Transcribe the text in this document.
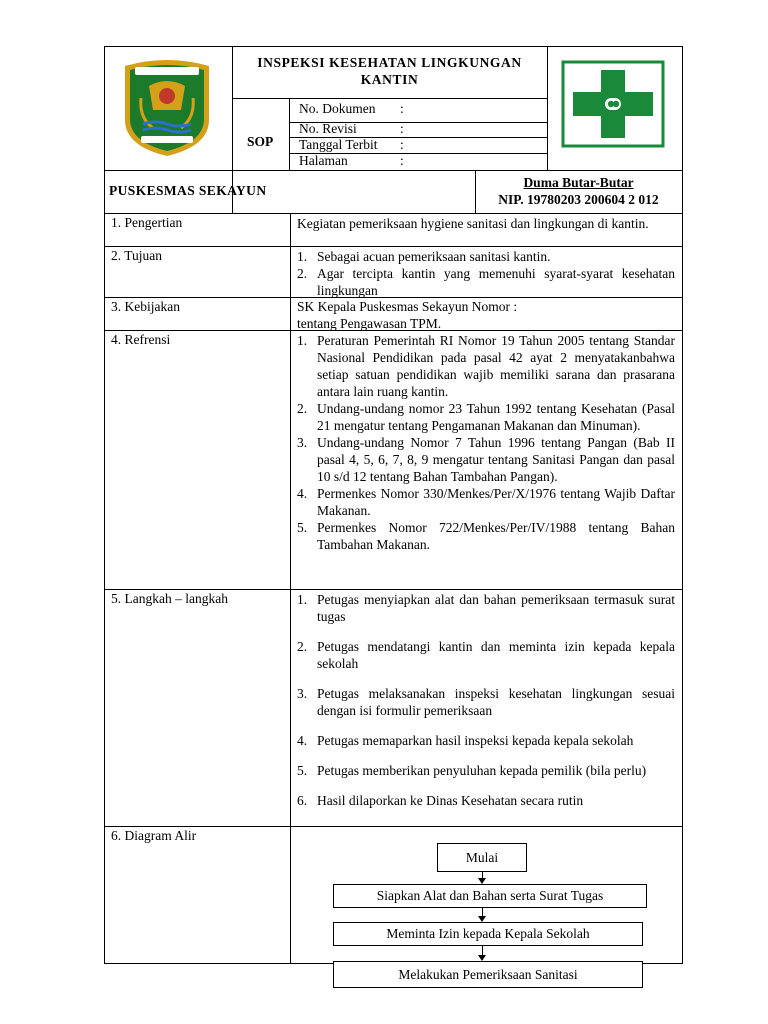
INSPEKSI KESEHATAN LINGKUNGAN
KANTIN
SOP
No. Dokumen :
No. Revisi	:
Tanggal Terbit :
Halaman	:
PUSKESMAS SEKAYUN
Duma Butar-Butar
NIP. 19780203 200604 2 012
1. Pengertian	Kegiatan pemeriksaan hygiene sanitasi dan lingkungan di kantin.
2. Tujuan	1. Sebagai acuan pemeriksaan sanitasi kantin.
2. Agar tercipta kantin yang memenuhi syarat-syarat kesehatan lingkungan
3. Kebijakan	SK Kepala Puskesmas Sekayun Nomor :
tentang Pengawasan TPM.
4. Refrensi	1. Peraturan Pemerintah RI Nomor 19 Tahun 2005 tentang Standar Nasional Pendidikan pada pasal 42 ayat 2 menyatakanbahwa setiap satuan pendidikan wajib memiliki sarana dan prasarana antara lain ruang kantin.
2. Undang-undang nomor 23 Tahun 1992 tentang Kesehatan (Pasal 21 mengatur tentang Pengamanan Makanan dan Minuman).
3. Undang-undang Nomor 7 Tahun 1996 tentang Pangan (Bab II pasal 4, 5, 6, 7, 8, 9 mengatur tentang Sanitasi Pangan dan pasal 10 s/d 12 tentang Bahan Tambahan Pangan).
4. Permenkes Nomor 330/Menkes/Per/X/1976 tentang Wajib Daftar Makanan.
5. Permenkes Nomor 722/Menkes/Per/IV/1988 tentang Bahan Tambahan Makanan.
5. Langkah – langkah	1. Petugas menyiapkan alat dan bahan pemeriksaan termasuk surat tugas
2. Petugas mendatangi kantin dan meminta izin kepada kepala sekolah
3. Petugas melaksanakan inspeksi kesehatan lingkungan sesuai dengan isi formulir pemeriksaan
4. Petugas memaparkan hasil inspeksi kepada kepala sekolah
5. Petugas memberikan penyuluhan kepada pemilik (bila perlu)
6. Hasil dilaporkan ke Dinas Kesehatan secara rutin
6. Diagram Alir
Mulai
Siapkan Alat dan Bahan serta Surat Tugas
Meminta Izin kepada Kepala Sekolah
Melakukan Pemeriksaan Sanitasi
